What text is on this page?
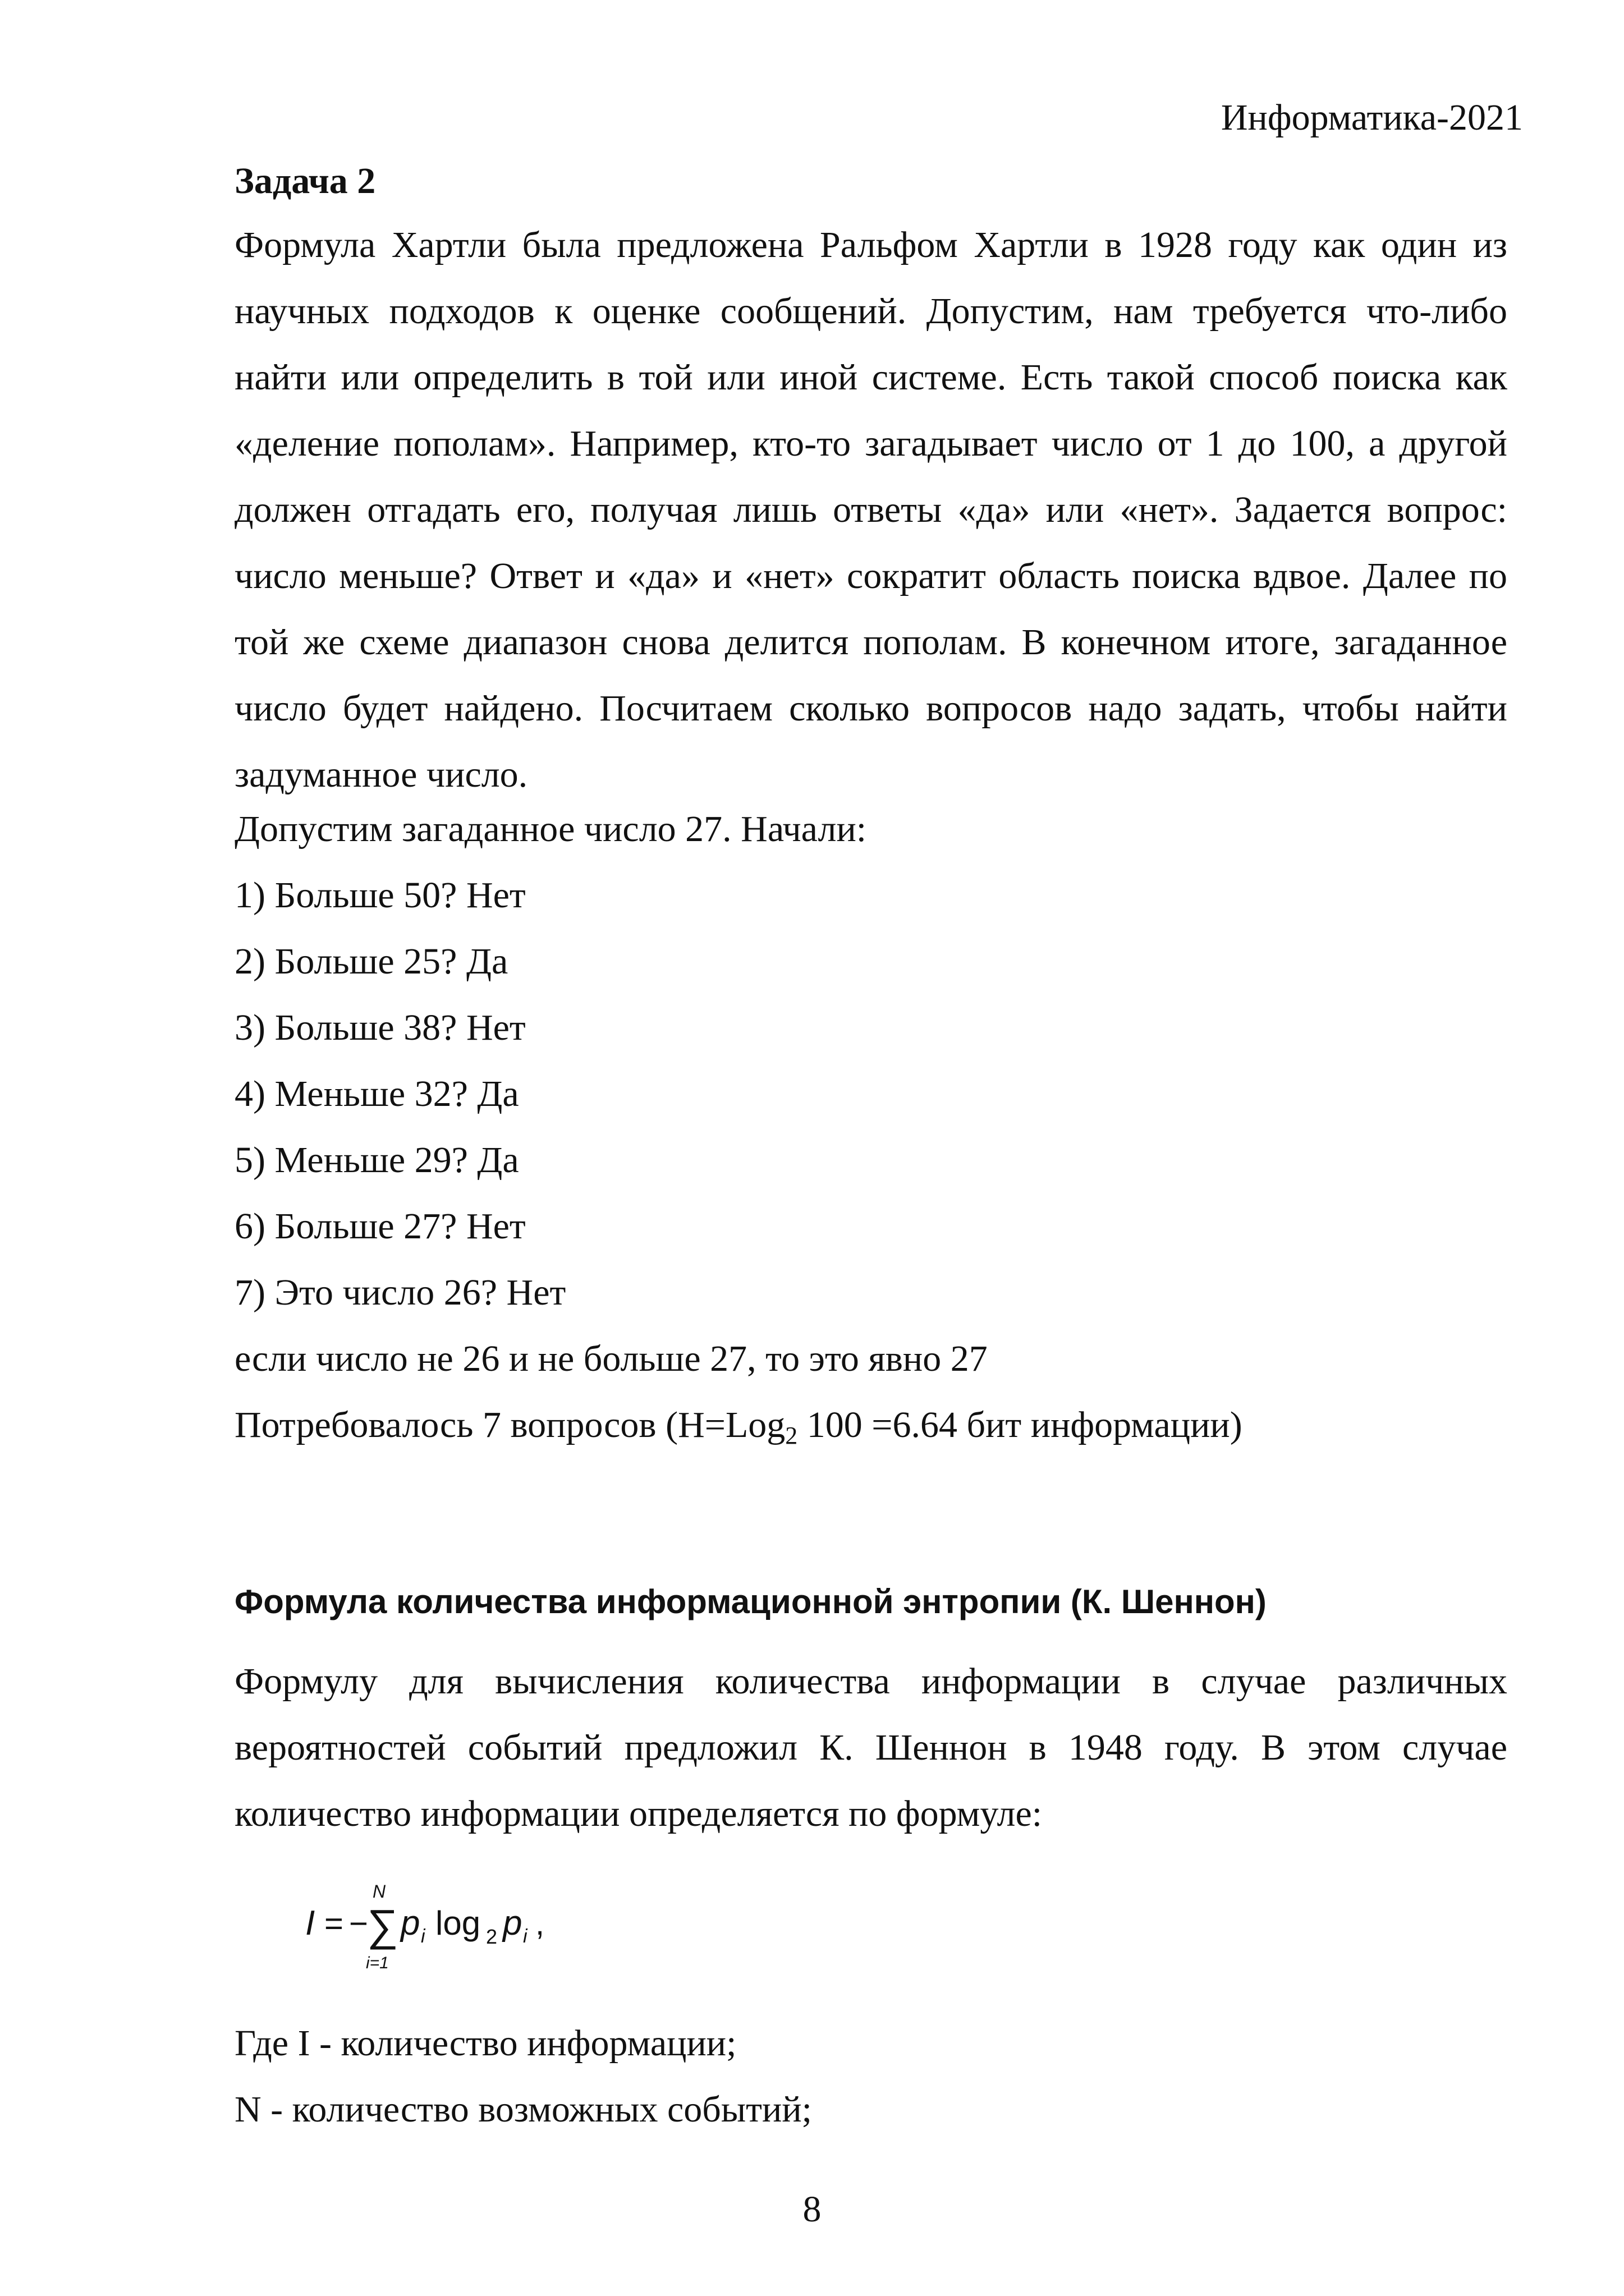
Информатика-2021
Задача 2
Формула Хартли была предложена Ральфом Хартли в 1928 году как один из научных подходов к оценке сообщений. Допустим, нам требуется что-либо найти или определить в той или иной системе. Есть такой способ поиска как «деление пополам». Например, кто-то загадывает число от 1 до 100, а другой должен отгадать его, получая лишь ответы «да» или «нет». Задается вопрос: число меньше? Ответ и «да» и «нет» сократит область поиска вдвое. Далее по той же схеме диапазон снова делится пополам. В конечном итоге, загаданное число будет найдено. Посчитаем сколько вопросов надо задать, чтобы найти задуманное число.
Допустим загаданное число 27. Начали:
1) Больше 50? Нет
2) Больше 25? Да
3) Больше 38? Нет
4) Меньше 32? Да
5) Меньше 29? Да
6) Больше 27? Нет
7) Это число 26? Нет
если число не 26 и не больше 27, то это явно 27
Потребовалось 7 вопросов (H=Log$_2$ 100 =6.64 бит информации)
Формула количества информационной энтропии (К. Шеннон)
Формулу для вычисления количества информации в случае различных вероятностей событий предложил К. Шеннон в 1948 году. В этом случае количество информации определяется по формуле:
I = −
∑
N
i=1
p i log 2 p i ,
Где I - количество информации;
N - количество возможных событий;
8
